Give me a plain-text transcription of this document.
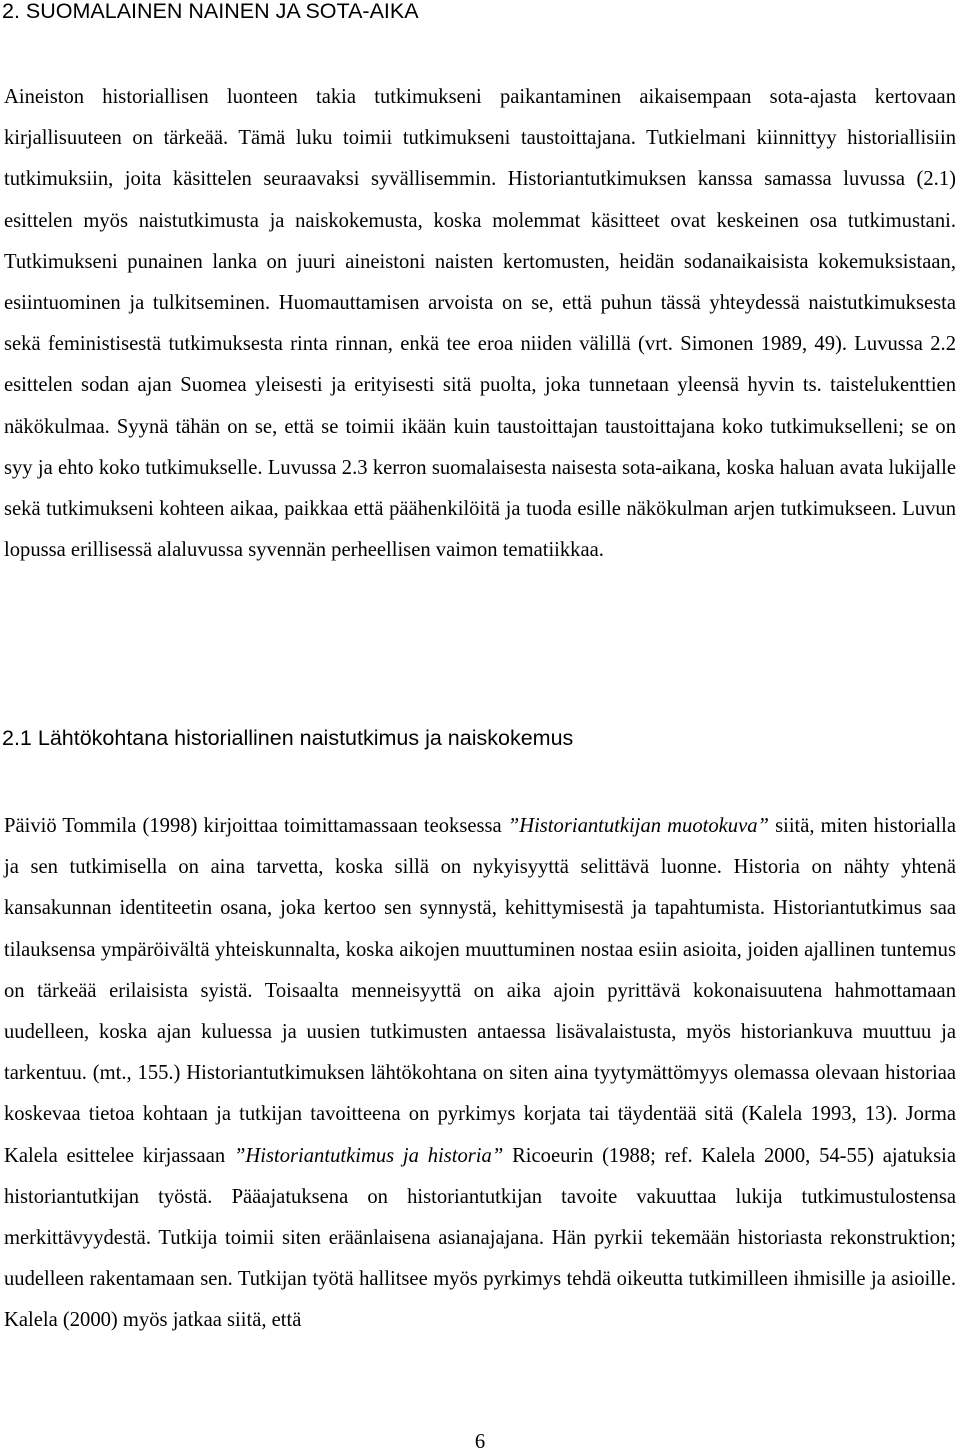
2. SUOMALAINEN NAINEN JA SOTA-AIKA

Aineiston historiallisen luonteen takia tutkimukseni paikantaminen aikaisempaan sota-ajasta kertovaan kirjallisuuteen on tärkeää. Tämä luku toimii tutkimukseni taustoittajana. Tutkielmani kiinnittyy historiallisiin tutkimuksiin, joita käsittelen seuraavaksi syvällisemmin. Historiantutkimuksen kanssa samassa luvussa (2.1) esittelen myös naistutkimusta ja naiskokemusta, koska molemmat käsitteet ovat keskeinen osa tutkimustani. Tutkimukseni punainen lanka on juuri aineistoni naisten kertomusten, heidän sodanaikaisista kokemuksistaan, esiintuominen ja tulkitseminen. Huomauttamisen arvoista on se, että puhun tässä yhteydessä naistutkimuksesta sekä feministisestä tutkimuksesta rinta rinnan, enkä tee eroa niiden välillä (vrt. Simonen 1989, 49). Luvussa 2.2 esittelen sodan ajan Suomea yleisesti ja erityisesti sitä puolta, joka tunnetaan yleensä hyvin ts. taistelukenttien näkökulmaa. Syynä tähän on se, että se toimii ikään kuin taustoittajan taustoittajana koko tutkimukselleni; se on syy ja ehto koko tutkimukselle. Luvussa 2.3 kerron suomalaisesta naisesta sota-aikana, koska haluan avata lukijalle sekä tutkimukseni kohteen aikaa, paikkaa että päähenkilöitä ja tuoda esille näkökulman arjen tutkimukseen. Luvun lopussa erillisessä alaluvussa syvennän perheellisen vaimon tematiikkaa.

2.1 Lähtökohtana historiallinen naistutkimus ja naiskokemus

Päiviö Tommila (1998) kirjoittaa toimittamassaan teoksessa ”Historiantutkijan muotokuva” siitä, miten historialla ja sen tutkimisella on aina tarvetta, koska sillä on nykyisyyttä selittävä luonne. Historia on nähty yhtenä kansakunnan identiteetin osana, joka kertoo sen synnystä, kehittymisestä ja tapahtumista. Historiantutkimus saa tilauksensa ympäröivältä yhteiskunnalta, koska aikojen muuttuminen nostaa esiin asioita, joiden ajallinen tuntemus on tärkeää erilaisista syistä. Toisaalta menneisyyttä on aika ajoin pyrittävä kokonaisuutena hahmottamaan uudelleen, koska ajan kuluessa ja uusien tutkimusten antaessa lisävalaistusta, myös historiankuva muuttuu ja tarkentuu. (mt., 155.) Historiantutkimuksen lähtökohtana on siten aina tyytymättömyys olemassa olevaan historiaa koskevaa tietoa kohtaan ja tutkijan tavoitteena on pyrkimys korjata tai täydentää sitä (Kalela 1993, 13). Jorma Kalela esittelee kirjassaan ”Historiantutkimus ja historia” Ricoeurin (1988; ref. Kalela 2000, 54-55) ajatuksia historiantutkijan työstä. Pääajatuksena on historiantutkijan tavoite vakuuttaa lukija tutkimustulostensa merkittävyydestä. Tutkija toimii siten eräänlaisena asianajajana. Hän pyrkii tekemään historiasta rekonstruktion; uudelleen rakentamaan sen. Tutkijan työtä hallitsee myös pyrkimys tehdä oikeutta tutkimilleen ihmisille ja asioille. Kalela (2000) myös jatkaa siitä, että

6
